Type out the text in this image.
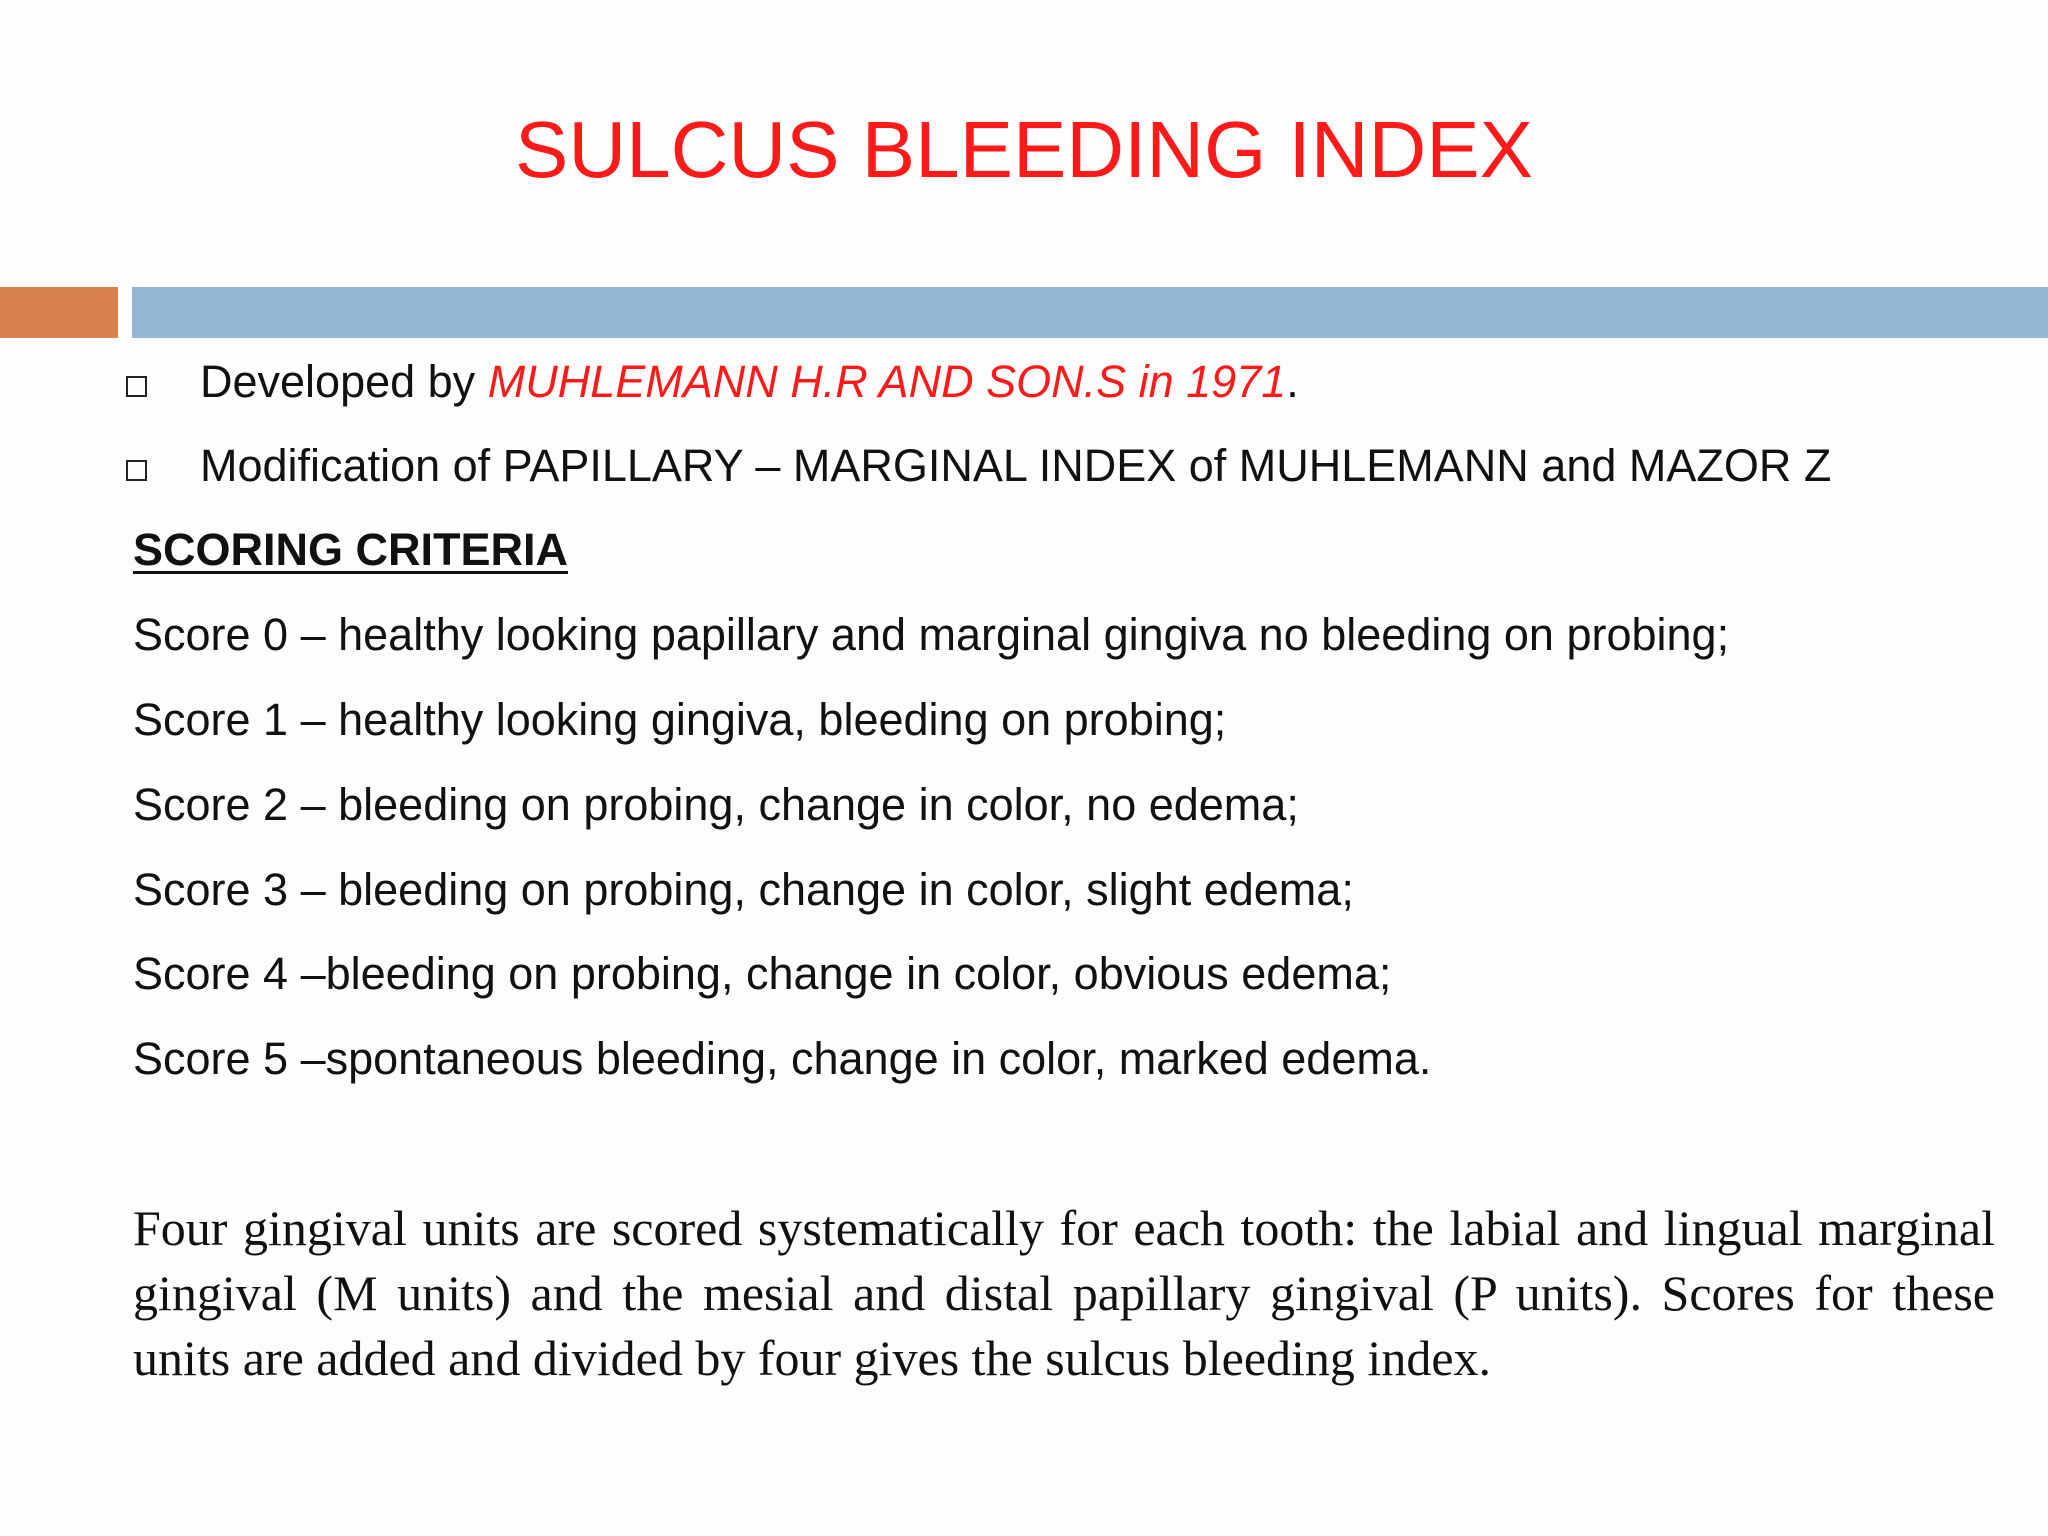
SULCUS BLEEDING INDEX
Developed by MUHLEMANN H.R AND SON.S in 1971.
Modification of PAPILLARY – MARGINAL INDEX of MUHLEMANN and MAZOR Z
SCORING CRITERIA
Score 0 – healthy looking papillary and marginal gingiva no bleeding on probing;
Score 1 – healthy looking gingiva, bleeding on probing;
Score 2 – bleeding on probing, change in color, no edema;
Score 3 – bleeding on probing, change in color, slight edema;
Score 4 –bleeding on probing, change in color, obvious edema;
Score 5 –spontaneous bleeding, change in color, marked edema.
Four gingival units are scored systematically for each tooth: the labial and lingual marginal gingival (M units) and the mesial and distal papillary gingival (P units). Scores for these units are added and divided by four gives the sulcus bleeding index.
